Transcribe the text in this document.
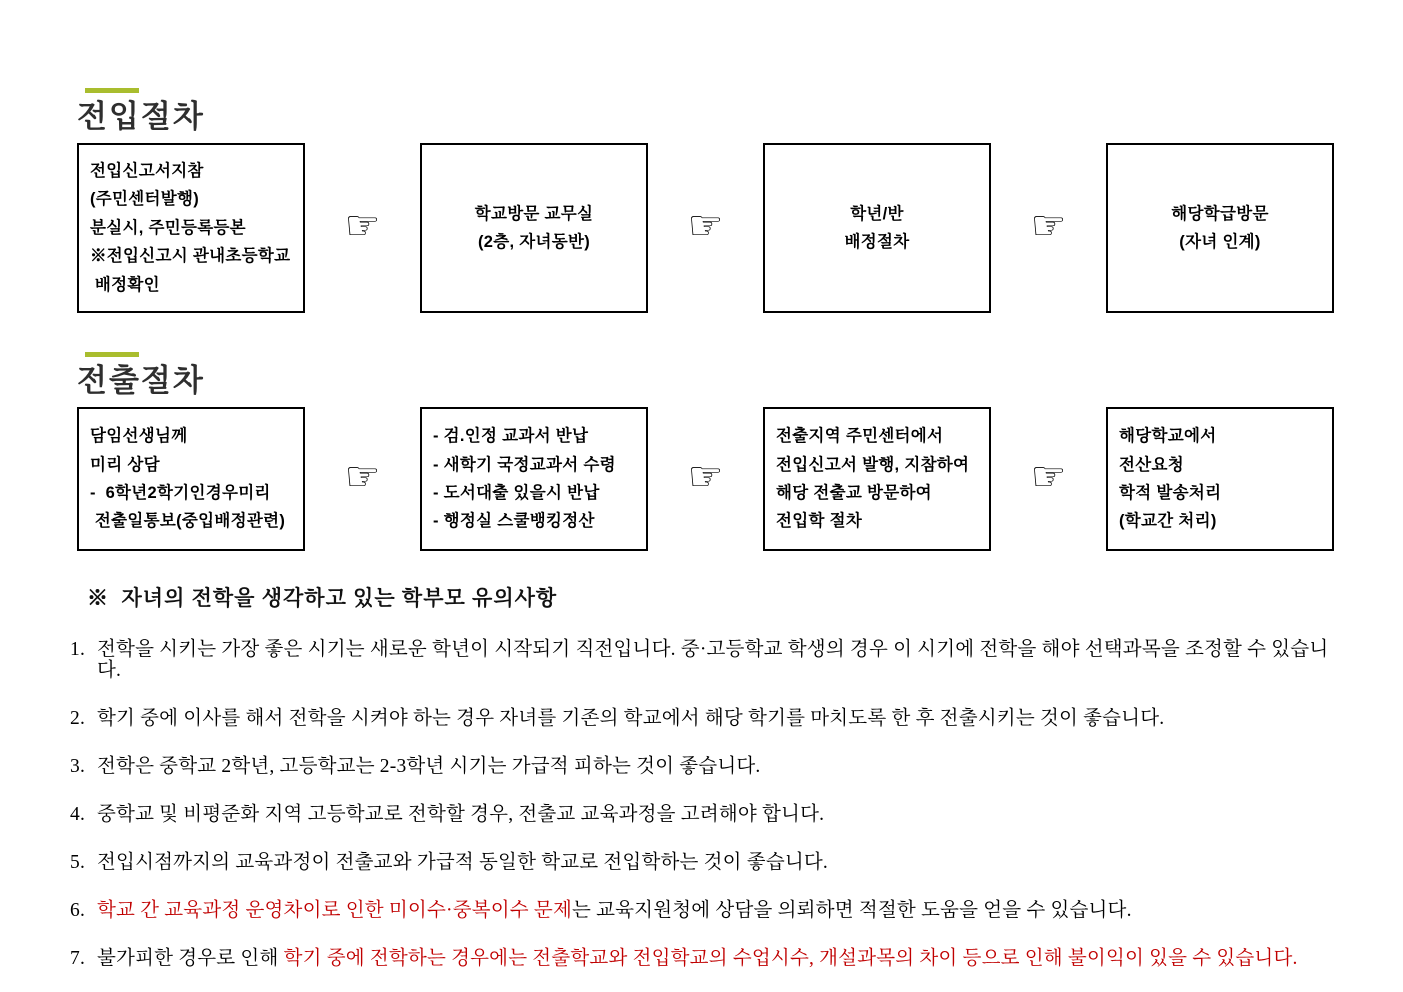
전입절차
전입신고서지참
(주민센터발행)
분실시, 주민등록등본
※전입신고시 관내초등학교
배정확인
☞	학교방문 교무실
(2층, 자녀동반)	☞	학년/반
배정절차	☞	해당학급방문
(자녀 인계)
전출절차
담임선생님께
미리 상담
-  6학년2학기인경우미리
전출일통보(중입배정관련)
☞
- 검.인정 교과서 반납
- 새학기 국정교과서 수령
- 도서대출 있을시 반납
- 행정실 스쿨뱅킹정산
☞
전출지역 주민센터에서
전입신고서 발행, 지참하여
해당 전출교 방문하여
전입학 절차
☞
해당학교에서
전산요청
학적 발송처리
(학교간 처리)
※  자녀의 전학을 생각하고 있는 학부모 유의사항
1. 전학을 시키는 가장 좋은 시기는 새로운 학년이 시작되기 직전입니다. 중·고등학교 학생의 경우 이 시기에 전학을 해야 선택과목을 조정할 수 있습니다.
2. 학기 중에 이사를 해서 전학을 시켜야 하는 경우 자녀를 기존의 학교에서 해당 학기를 마치도록 한 후 전출시키는 것이 좋습니다.
3. 전학은 중학교 2학년, 고등학교는 2-3학년 시기는 가급적 피하는 것이 좋습니다.
4. 중학교 및 비평준화 지역 고등학교로 전학할 경우, 전출교 교육과정을 고려해야 합니다.
5. 전입시점까지의 교육과정이 전출교와 가급적 동일한 학교로 전입학하는 것이 좋습니다.
6. 학교 간 교육과정 운영차이로 인한 미이수·중복이수 문제는 교육지원청에 상담을 의뢰하면 적절한 도움을 얻을 수 있습니다.
7. 불가피한 경우로 인해 학기 중에 전학하는 경우에는 전출학교와 전입학교의 수업시수, 개설과목의 차이 등으로 인해 불이익이 있을 수 있습니다.
